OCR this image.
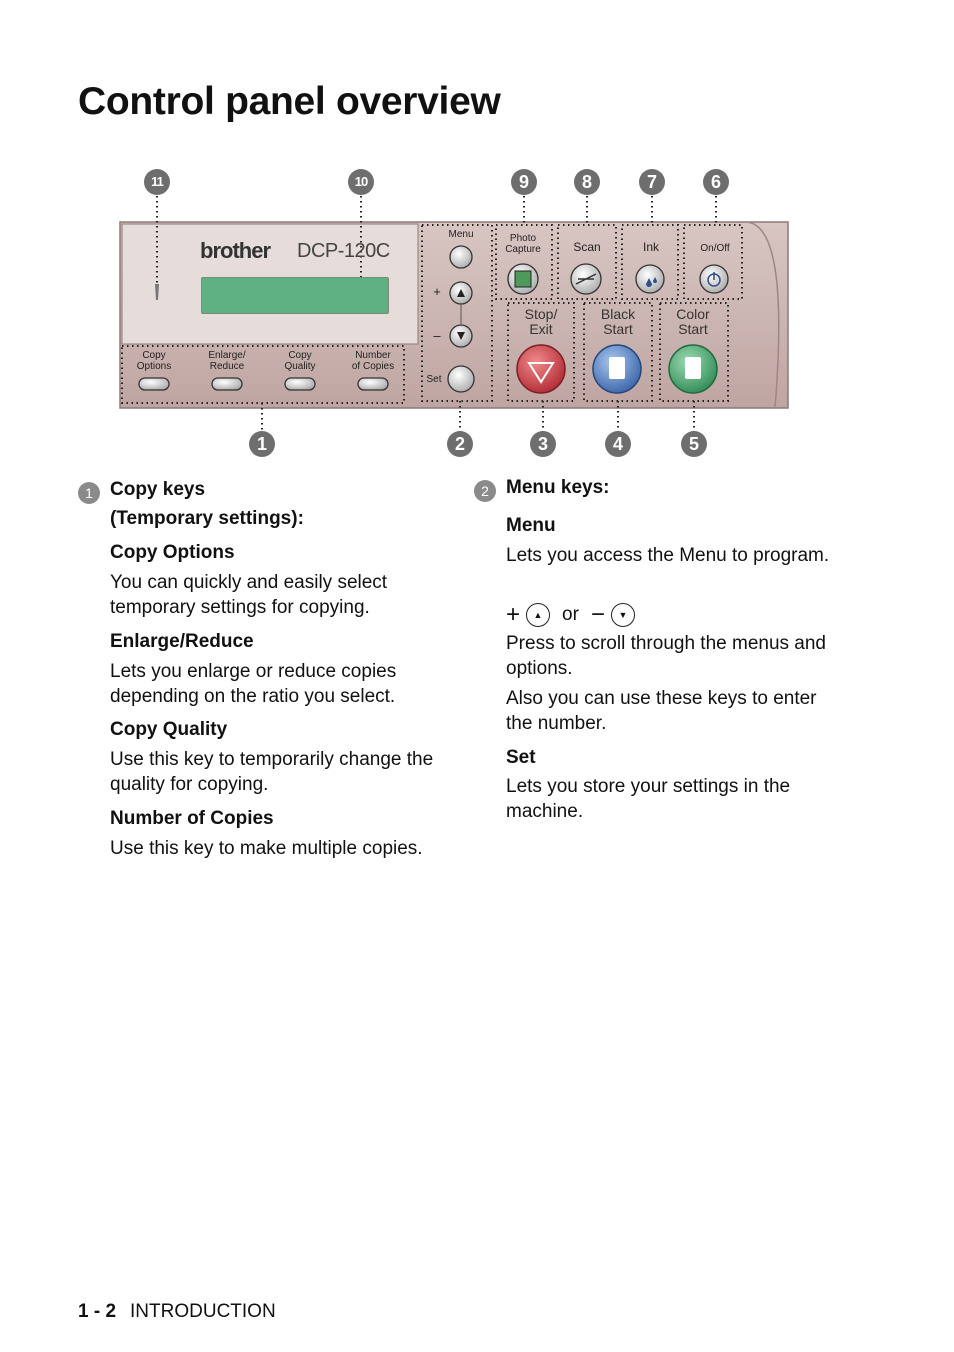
Control panel overview
brother DCP-120C
Copy
Options
Enlarge/
Reduce
Copy
Quality
Number
of Copies
Menu
+
–
Set
Photo
Capture	Scan	Ink	On/Off
Stop/
Exit
Black
Start
Color
Start
11	10	9	8	7	6
1	2	3	4	5
1 Copy keys
(Temporary settings):
Copy Options
You can quickly and easily select temporary settings for copying.
Enlarge/Reduce
Lets you enlarge or reduce copies depending on the ratio you select.
Copy Quality
Use this key to temporarily change the quality for copying.
Number of Copies
Use this key to make multiple copies.
2 Menu keys:
Menu
Lets you access the Menu to program.
+	▲	or −	▼
Press to scroll through the menus and options.
Also you can use these keys to enter the number.
Set
Lets you store your settings in the machine.
1 - 2 INTRODUCTION
